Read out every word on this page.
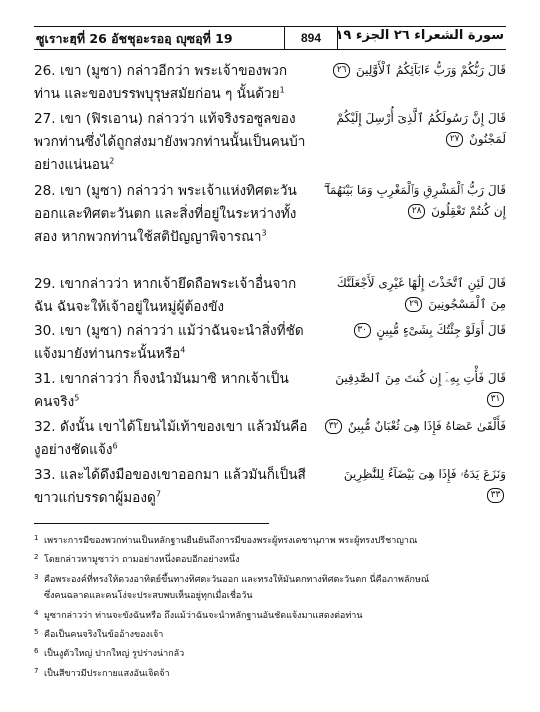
ซูเราะฮฺที่ 26 อัชชุอะรออฺ ญุซอฺที่ 19	894	سورة الشعراء ٢٦ الجزء ١٩
26. เขา (มูซา) กล่าวอีกว่า พระเจ้าของพวกท่าน และของบรรพบุรุษสมัยก่อน ๆ นั้นด้วย$^1$
قَالَ رَبُّكُمْ وَرَبُّ ءَابَآئِكُمُ ٱلْأَوَّلِينَ ٢٦
27. เขา (ฟิรเอาน) กล่าวว่า แท้จริงรอซูลของพวกท่านซึ่งได้ถูกส่งมายังพวกท่านนั้นเป็นคนบ้าอย่างแน่นอน$^2$
قَالَ إِنَّ رَسُولَكُمُ ٱلَّذِىٓ أُرْسِلَ إِلَيْكُمْ لَمَجْنُونٌ ٢٧
28. เขา (มูซา) กล่าวว่า พระเจ้าแห่งทิศตะวันออกและทิศตะวันตก และสิ่งที่อยู่ในระหว่างทั้งสอง หากพวกท่านใช้สติปัญญาพิจารณา$^3$
قَالَ رَبُّ ٱلْمَشْرِقِ وَٱلْمَغْرِبِ وَمَا بَيْنَهُمَآ ۖ إِن كُنتُمْ تَعْقِلُونَ ٢٨
29. เขากล่าวว่า หากเจ้ายึดถือพระเจ้าอื่นจากฉัน ฉันจะให้เจ้าอยู่ในหมู่ผู้ต้องขัง
قَالَ لَئِنِ ٱتَّخَذْتَ إِلَٰهًا غَيْرِى لَأَجْعَلَنَّكَ مِنَ ٱلْمَسْجُونِينَ ٢٩
30. เขา (มูซา) กล่าวว่า แม้ว่าฉันจะนำสิ่งที่ชัดแจ้งมายังท่านกระนั้นหรือ$^4$
قَالَ أَوَلَوْ جِئْتُكَ بِشَىْءٍ مُّبِينٍ ٣٠
31. เขากล่าวว่า ก็จงนำมันมาซิ หากเจ้าเป็นคนจริง$^5$
قَالَ فَأْتِ بِهِۦٓ إِن كُنتَ مِنَ ٱلصَّٰدِقِينَ ٣١
32. ดังนั้น เขาได้โยนไม้เท้าของเขา แล้วมันคือ งูอย่างชัดแจ้ง$^6$
فَأَلْقَىٰ عَصَاهُ فَإِذَا هِىَ ثُعْبَانٌ مُّبِينٌ ٣٢
33. และได้ดึงมือของเขาออกมา แล้วมันก็เป็นสีขาวแก่บรรดาผู้มองดู$^7$
وَنَزَعَ يَدَهُۥ فَإِذَا هِىَ بَيْضَآءُ لِلنَّٰظِرِينَ ٣٣
1 เพราะการมีของพวกท่านเป็นหลักฐานยืนยันถึงการมีของพระผู้ทรงเดชานุภาพ พระผู้ทรงปรีชาญาณ
2 โดยกล่าวหามูซาว่า ถามอย่างหนึ่งตอบอีกอย่างหนึ่ง
3 คือพระองค์ที่ทรงให้ดวงอาทิตย์ขึ้นทางทิศตะวันออก และทรงให้มันตกทางทิศตะวันตก นี่คือภาพลักษณ์
ซึ่งคนฉลาดและคนโง่จะประสบพบเห็นอยู่ทุกเมื่อเชื่อวัน
4 มูซากล่าวว่า ท่านจะขังฉันหรือ ถึงแม้ว่าฉันจะนำหลักฐานอันชัดแจ้งมาแสดงต่อท่าน
5 คือเป็นคนจริงในข้ออ้างของเจ้า
6 เป็นงูตัวใหญ่ ปากใหญ่ รูปร่างน่ากลัว
7 เป็นสีขาวมีประกายแสงอันเจิดจ้า
